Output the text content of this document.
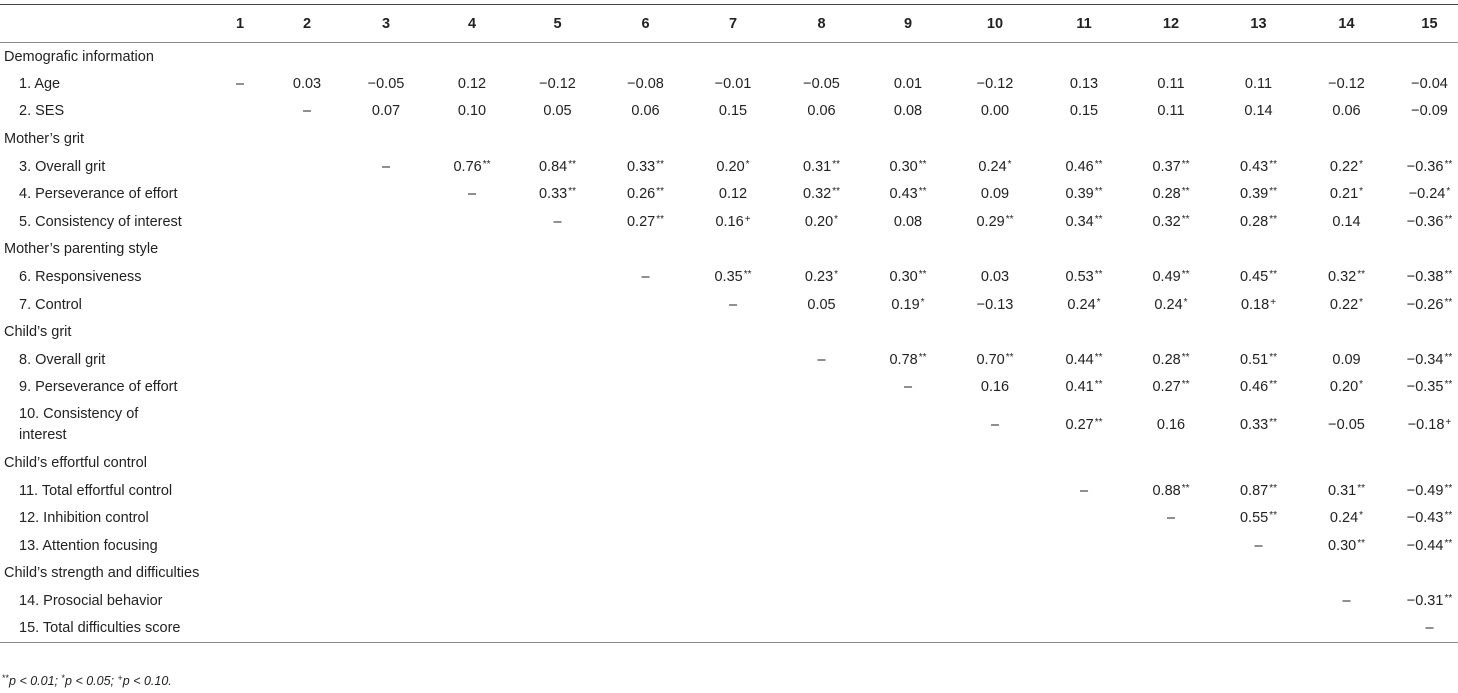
	1	2	3	4	5	6	7	8	9	10	11	12	13	14	15
Demografic information															
1. Age	–	0.03	−0.05	0.12	−0.12	−0.08	−0.01	−0.05	0.01	−0.12	0.13	0.11	0.11	−0.12	−0.04
2. SES		–	0.07	0.10	0.05	0.06	0.15	0.06	0.08	0.00	0.15	0.11	0.14	0.06	−0.09
Mother’s grit															
3. Overall grit			–	0.76**	0.84**	0.33**	0.20*	0.31**	0.30**	0.24*	0.46**	0.37**	0.43**	0.22*	−0.36**
4. Perseverance of effort				–	0.33**	0.26**	0.12	0.32**	0.43**	0.09	0.39**	0.28**	0.39**	0.21*	−0.24*
5. Consistency of interest					–	0.27**	0.16+	0.20*	0.08	0.29**	0.34**	0.32**	0.28**	0.14	−0.36**
Mother’s parenting style															
6. Responsiveness						–	0.35**	0.23*	0.30**	0.03	0.53**	0.49**	0.45**	0.32**	−0.38**
7. Control							–	0.05	0.19*	−0.13	0.24*	0.24*	0.18+	0.22*	−0.26**
Child’s grit															
8. Overall grit								–	0.78**	0.70**	0.44**	0.28**	0.51**	0.09	−0.34**
9. Perseverance of effort									–	0.16	0.41**	0.27**	0.46**	0.20*	−0.35**
10. Consistency of interest										–	0.27**	0.16	0.33**	−0.05	−0.18+
Child’s effortful control															
11. Total effortful control											–	0.88**	0.87**	0.31**	−0.49**
12. Inhibition control												–	0.55**	0.24*	−0.43**
13. Attention focusing													–	0.30**	−0.44**
Child’s strength and difficulties															
14. Prosocial behavior														–	−0.31**
15. Total difficulties score															–
**p < 0.01; *p < 0.05; +p < 0.10.
